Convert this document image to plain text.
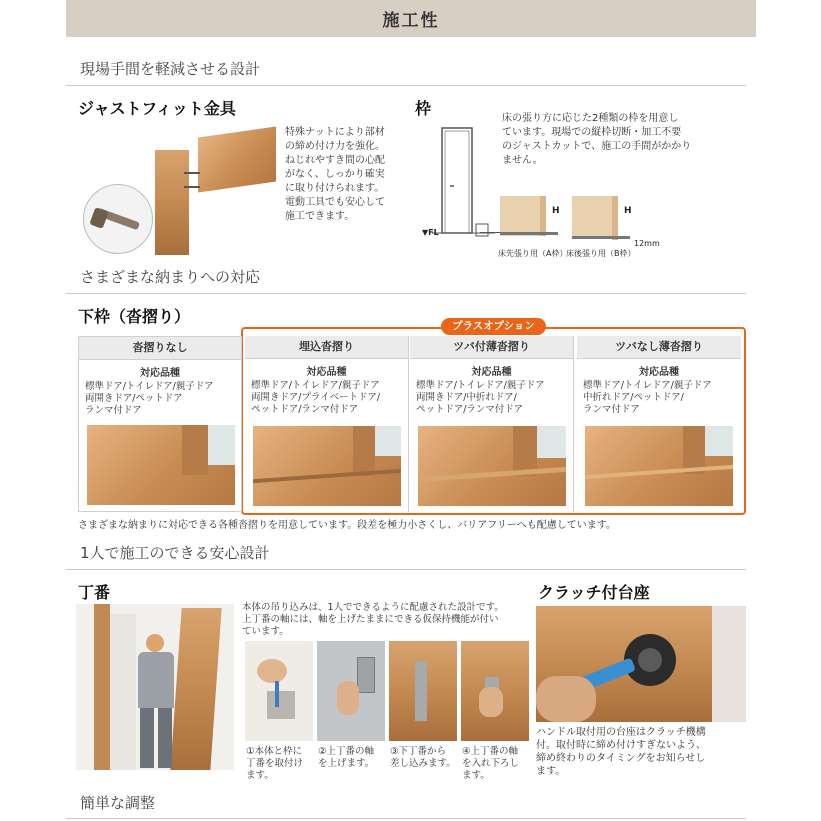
施工性
現場手間を軽減させる設計
ジャストフィット金具
特殊ナットにより部材
の締め付け力を強化。
ねじれやすき間の心配
がなく、しっかり確実
に取り付けられます。
電動工具でも安心して
施工できます。
枠
▼FL
床の張り方に応じた2種類の枠を用意し
ています。現場での縦枠切断・加工不要
のジャストカットで、施工の手間がかかり
ません。
H
床先張り用（A枠）
H
12mm
床後張り用（B枠）
さまざまな納まりへの対応
下枠（沓摺り）	プラスオプション
沓摺りなし
対応品種
標準ドア/トイレドア/親子ドア
両開きドア/ペットドア
ランマ付ドア
埋込沓摺り
対応品種
標準ドア/トイレドア/親子ドア
両開きドア/プライベートドア/
ペットドア/ランマ付ドア
ツバ付薄沓摺り
対応品種
標準ドア/トイレドア/親子ドア
両開きドア/中折れドア/
ペットドア/ランマ付ドア
ツバなし薄沓摺り
対応品種
標準ドア/トイレドア/親子ドア
中折れドア/ペットドア/
ランマ付ドア
さまざまな納まりに対応できる各種沓摺りを用意しています。段差を極力小さくし、バリアフリーへも配慮しています。
1人で施工のできる安心設計
丁番	クラッチ付台座
本体の吊り込みは、1人でできるように配慮された設計です。
上丁番の軸には、軸を上げたままにできる仮保持機能が付い
ています。
①本体と枠に
丁番を取付け
ます。
②上丁番の軸
を上げます。
③下丁番から
差し込みます。
④上丁番の軸
を入れ下ろし
ます。
ハンドル取付用の台座はクラッチ機構
付。取付時に締め付けすぎないよう、
締め終わりのタイミングをお知らせし
ます。
簡単な調整
